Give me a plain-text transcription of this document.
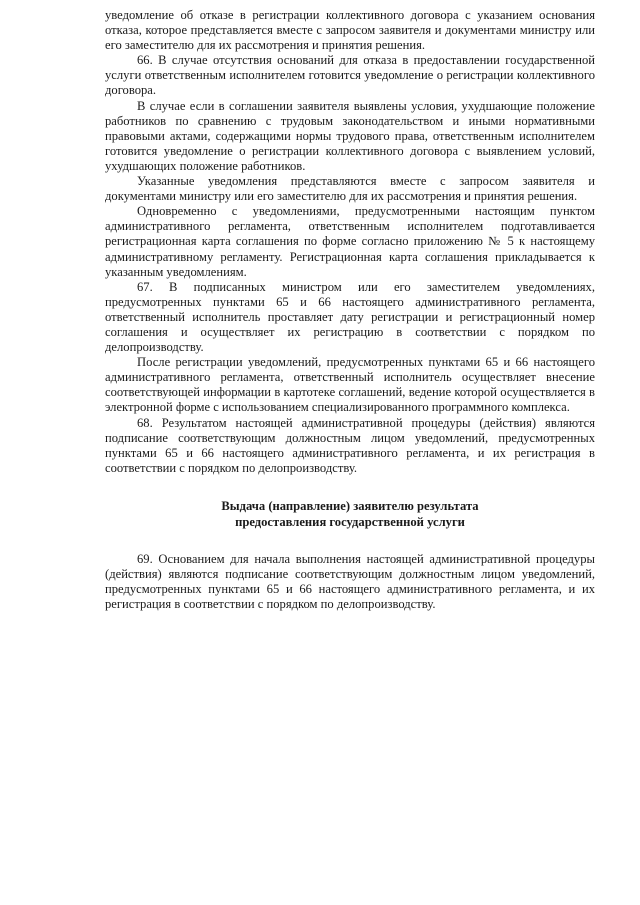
уведомление об отказе в регистрации коллективного договора с указанием основания отказа, которое представляется вместе с запросом заявителя и документами министру или его заместителю для их рассмотрения и принятия решения.

66. В случае отсутствия оснований для отказа в предоставлении государственной услуги ответственным исполнителем готовится уведомление о регистрации коллективного договора.

В случае если в соглашении заявителя выявлены условия, ухудшающие положение работников по сравнению с трудовым законодательством и иными нормативными правовыми актами, содержащими нормы трудового права, ответственным исполнителем готовится уведомление о регистрации коллективного договора с выявлением условий, ухудшающих положение работников.

Указанные уведомления представляются вместе с запросом заявителя и документами министру или его заместителю для их рассмотрения и принятия решения.

Одновременно с уведомлениями, предусмотренными настоящим пунктом административного регламента, ответственным исполнителем подготавливается регистрационная карта соглашения по форме согласно приложению № 5 к настоящему административному регламенту. Регистрационная карта соглашения прикладывается к указанным уведомлениям.

67. В подписанных министром или его заместителем уведомлениях, предусмотренных пунктами 65 и 66 настоящего административного регламента, ответственный исполнитель проставляет дату регистрации и регистрационный номер соглашения и осуществляет их регистрацию в соответствии с порядком по делопроизводству.

После регистрации уведомлений, предусмотренных пунктами 65 и 66 настоящего административного регламента, ответственный исполнитель осуществляет внесение соответствующей информации в картотеке соглашений, ведение которой осуществляется в электронной форме с использованием специализированного программного комплекса.

68. Результатом настоящей административной процедуры (действия) являются подписание соответствующим должностным лицом уведомлений, предусмотренных пунктами 65 и 66 настоящего административного регламента, и их регистрация в соответствии с порядком по делопроизводству.

Выдача (направление) заявителю результата
предоставления государственной услуги

69. Основанием для начала выполнения настоящей административной процедуры (действия) являются подписание соответствующим должностным лицом уведомлений, предусмотренных пунктами 65 и 66 настоящего административного регламента, и их регистрация в соответствии с порядком по делопроизводству.
